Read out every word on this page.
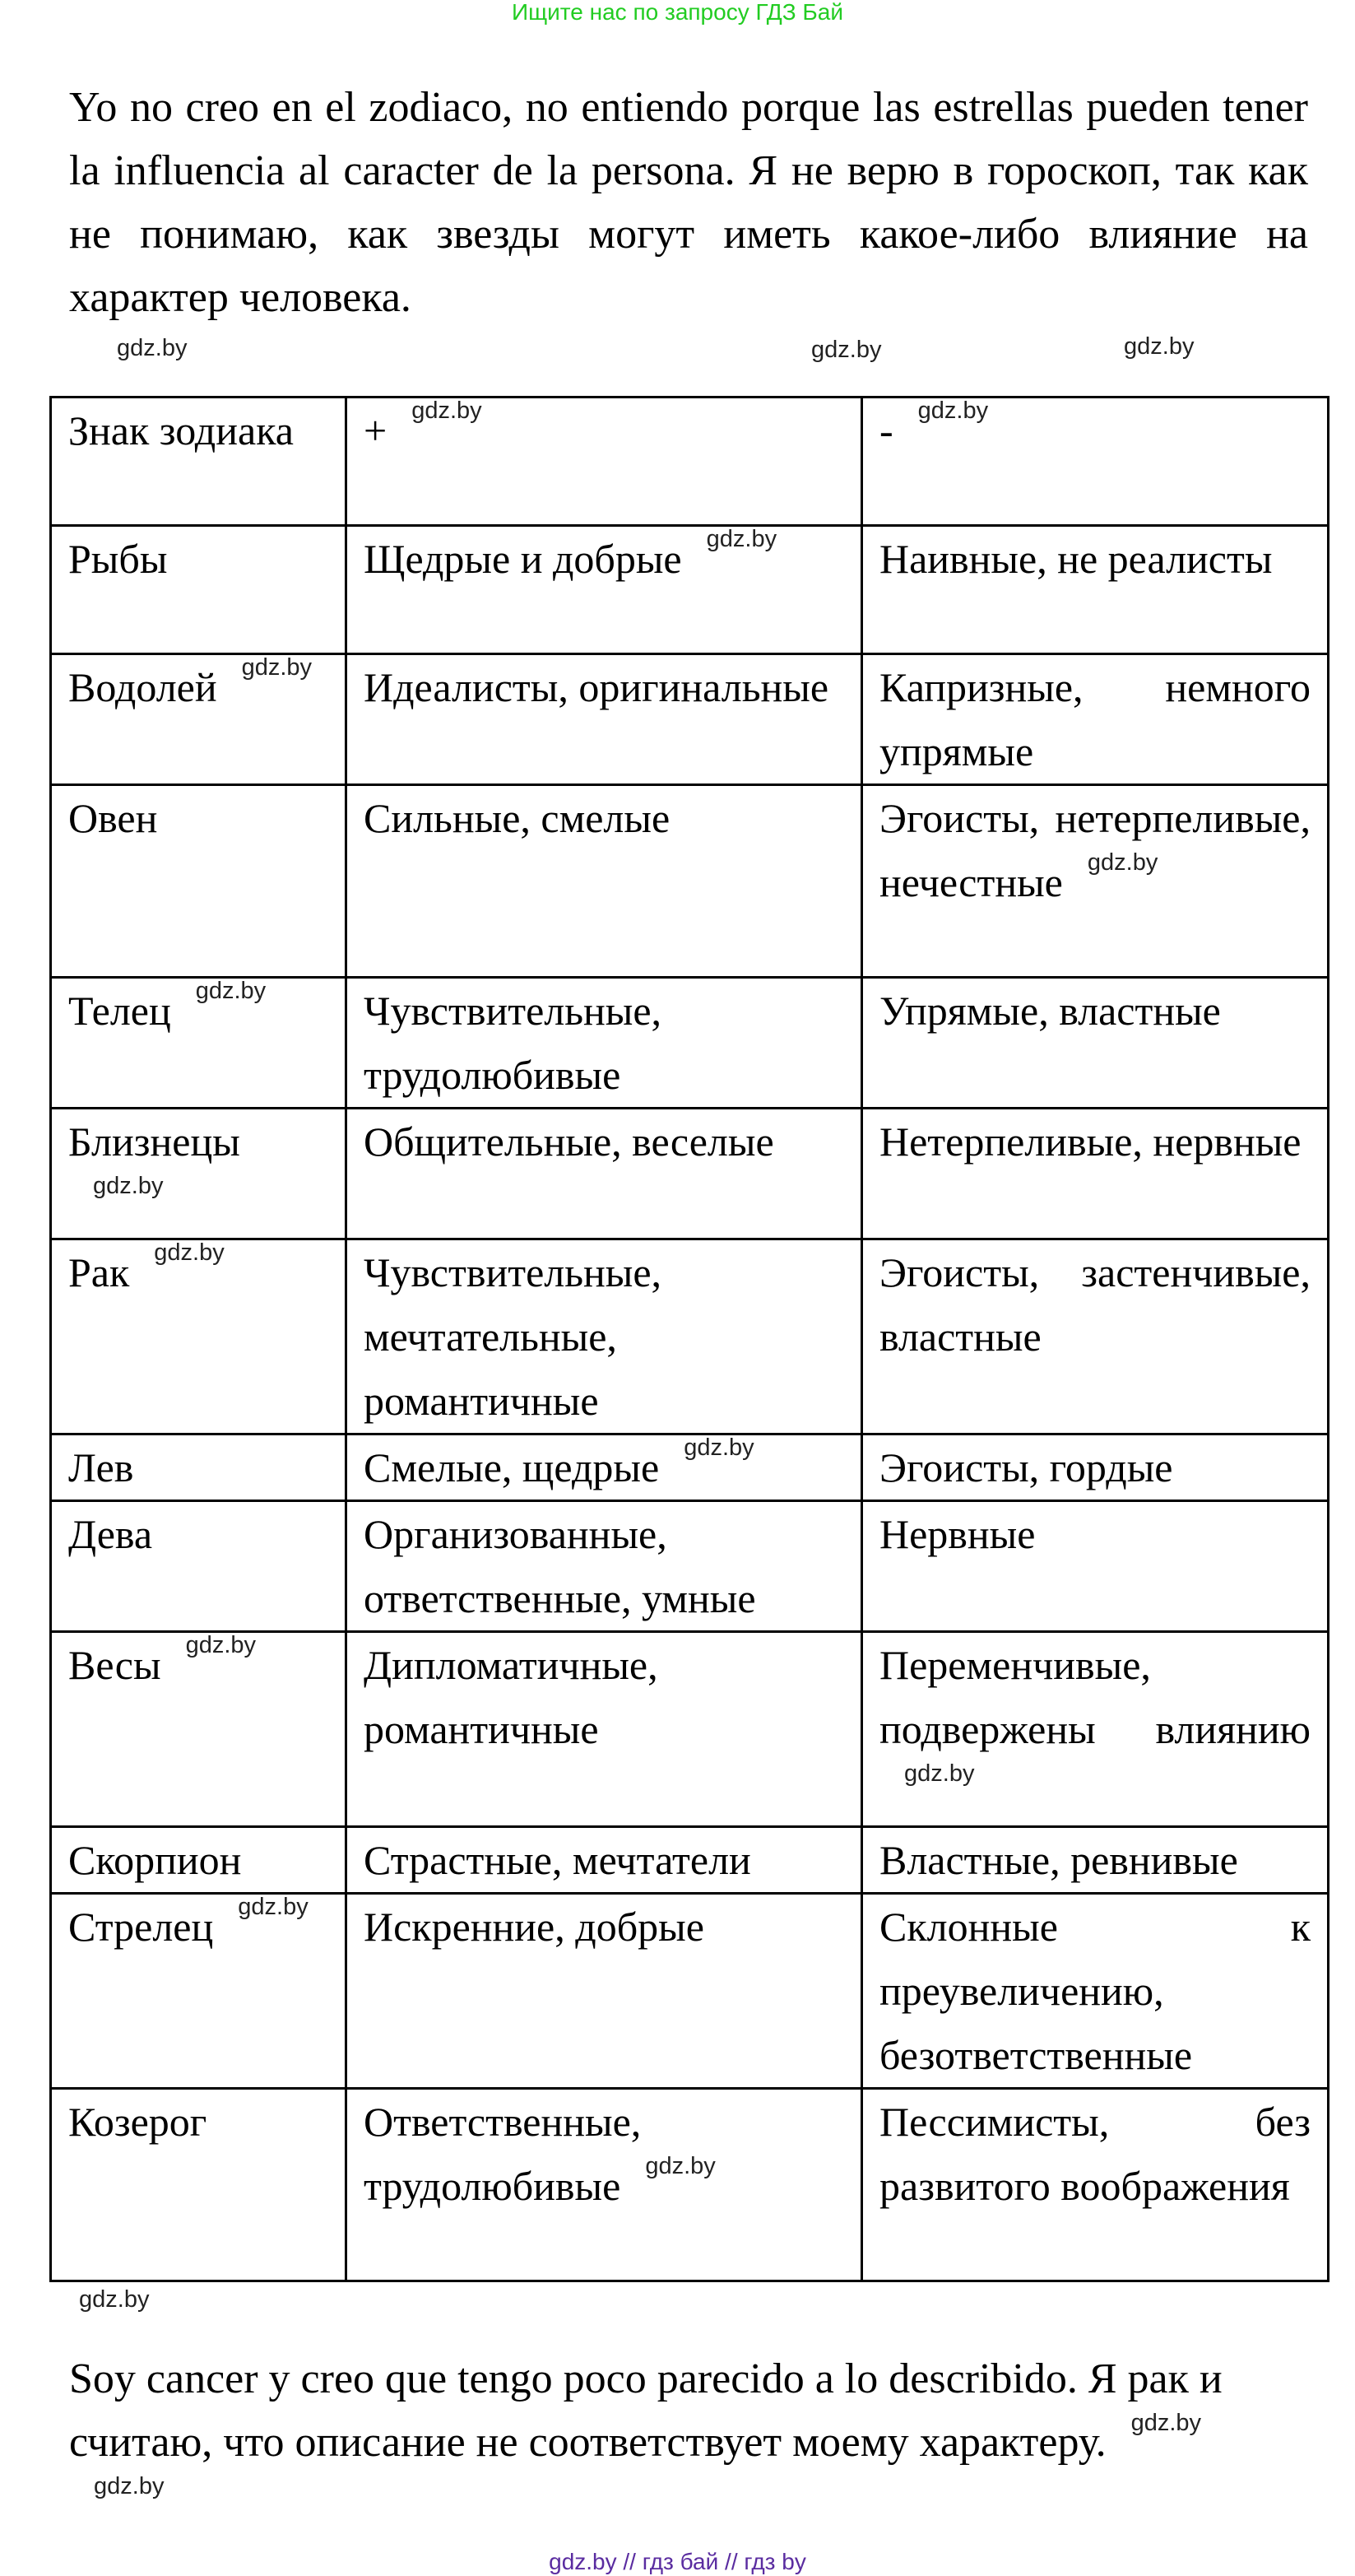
Ищите нас по запросу ГДЗ Бай
Yo no creo en el zodiaco, no entiendo porque las estrellas pueden tener la influencia al caracter de la persona. Я не верю в гороскоп, так как не понимаю, как звезды могут иметь какое-либо влияние на характер человека.
gdz.by	gdz.by	gdz.by
Знак зодиака	+ gdz.by	- gdz.by
Рыбы	Щедрые и добрые gdz.by	Наивные, не реалисты
Водолей gdz.by	Идеалисты, оригинальные	Капризные, немного упрямые
Овен	Сильные, смелые	Эгоисты, нетерпеливые, нечестные gdz.by
Телец gdz.by	Чувствительные, трудолюбивые	Упрямые, властные
Близнецыgdz.by	Общительные, веселые	Нетерпеливые, нервные
Рак gdz.by	Чувствительные, мечтательные, романтичные	Эгоисты, застенчивые, властные
Лев	Смелые, щедрые gdz.by	Эгоисты, гордые
Дева	Организованные, ответственные, умные	Нервные
Весы gdz.by	Дипломатичные, романтичные	Переменчивые, подвержены влияниюgdz.by
Скорпион	Страстные, мечтатели	Властные, ревнивые
Стрелец gdz.by	Искренние, добрые	Склонные к преувеличению, безответственные
Козерог	Ответственные, трудолюбивые gdz.by	Пессимисты, без развитого воображения
gdz.by
Soy cancer y creo que tengo poco parecido a lo describido. Я рак и считаю, что описание не соответствует моему характеру. gdz.bygdz.by
gdz.by // гдз бай // гдз by
